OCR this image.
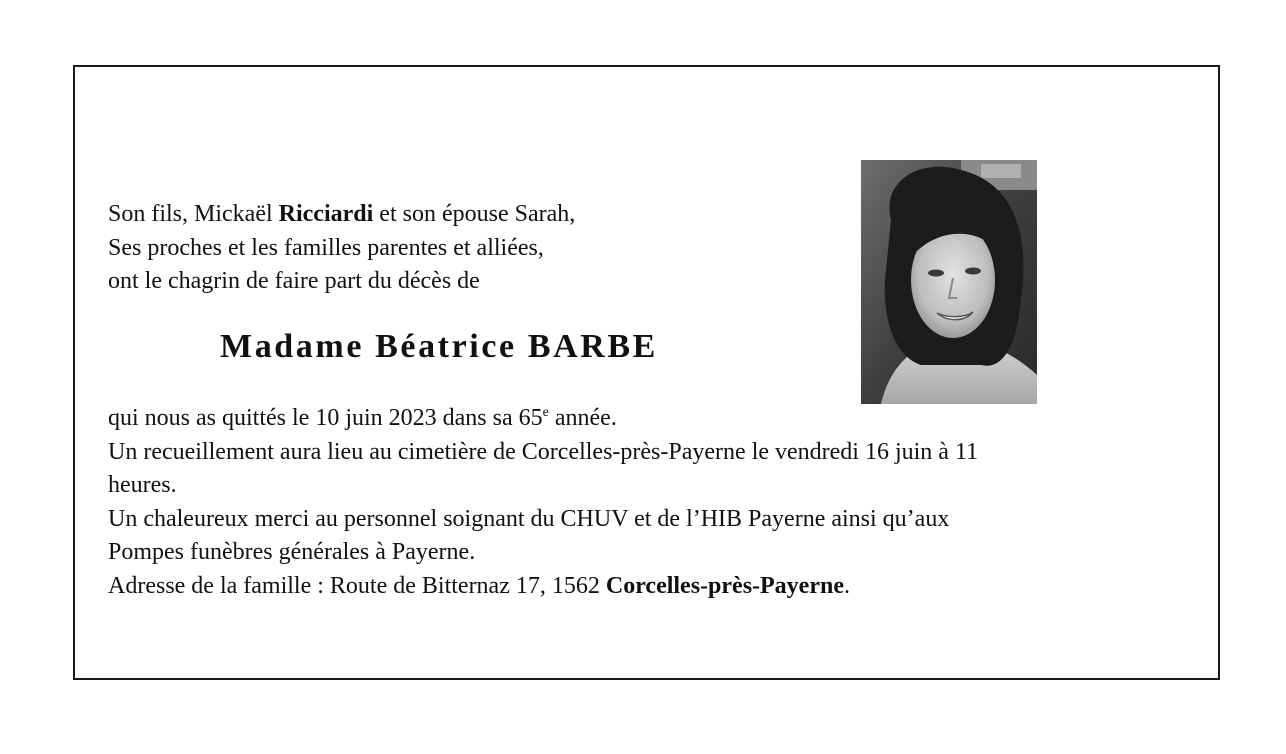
Son fils, Mickaël Ricciardi et son épouse Sarah,
Ses proches et les familles parentes et alliées,
ont le chagrin de faire part du décès de
Madame Béatrice BARBE
qui nous as quittés le 10 juin 2023 dans sa 65e année.
Un recueillement aura lieu au cimetière de Corcelles-près-Payerne le vendredi 16 juin à 11
heures.
Un chaleureux merci au personnel soignant du CHUV et de l’HIB Payerne ainsi qu’aux
Pompes funèbres générales à Payerne.
Adresse de la famille : Route de Bitternaz 17, 1562 Corcelles-près-Payerne.
